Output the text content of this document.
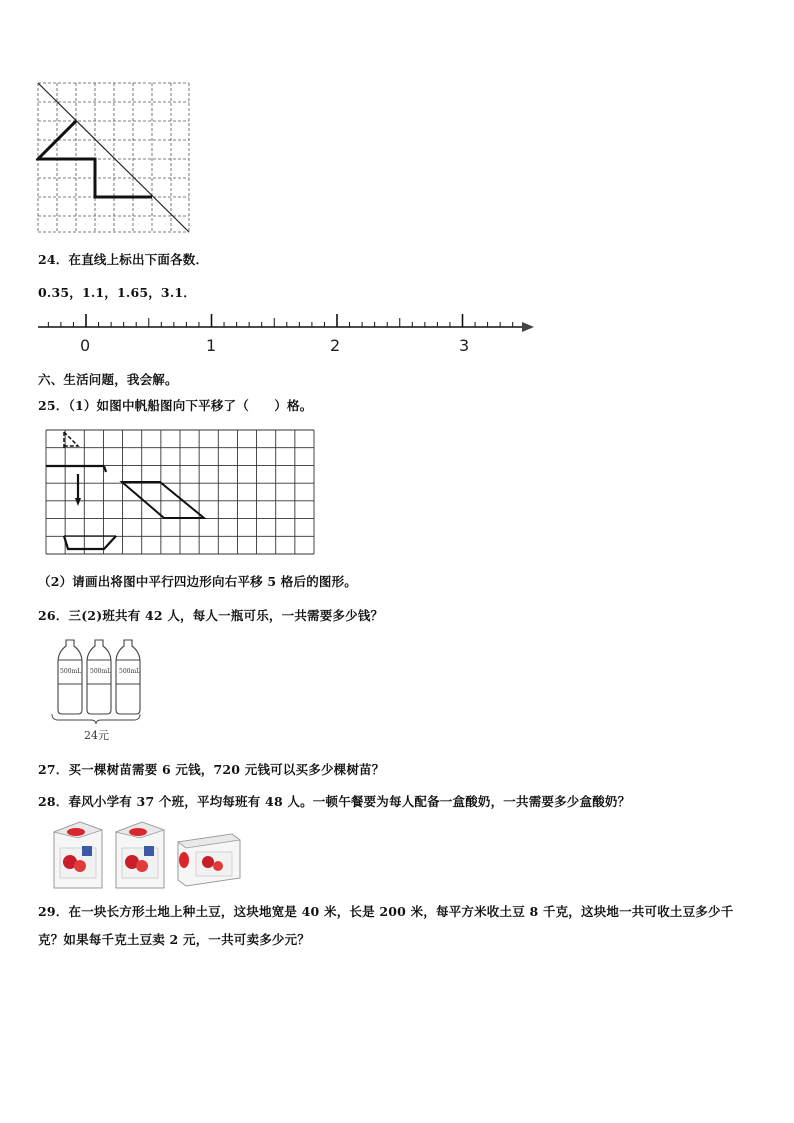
24．在直线上标出下面各数．
0.35，1.1，1.65，3.1．
0	1	2	3
六、生活问题，我会解。
25．（1）如图中帆船图向下平移了（　　）格。
（2）请画出将图中平行四边形向右平移 5 格后的图形。
26．三(2)班共有 42 人，每人一瓶可乐，一共需要多少钱？
500mL 500mL 500mL
24元
27．买一棵树苗需要 6 元钱，720 元钱可以买多少棵树苗？
28．春风小学有 37 个班，平均每班有 48 人。一顿午餐要为每人配备一盒酸奶，一共需要多少盒酸奶？
29．在一块长方形土地上种土豆，这块地宽是 40 米，长是 200 米，每平方米收土豆 8 千克，这块地一共可收土豆多少千克？如果每千克土豆卖 2 元，一共可卖多少元？
